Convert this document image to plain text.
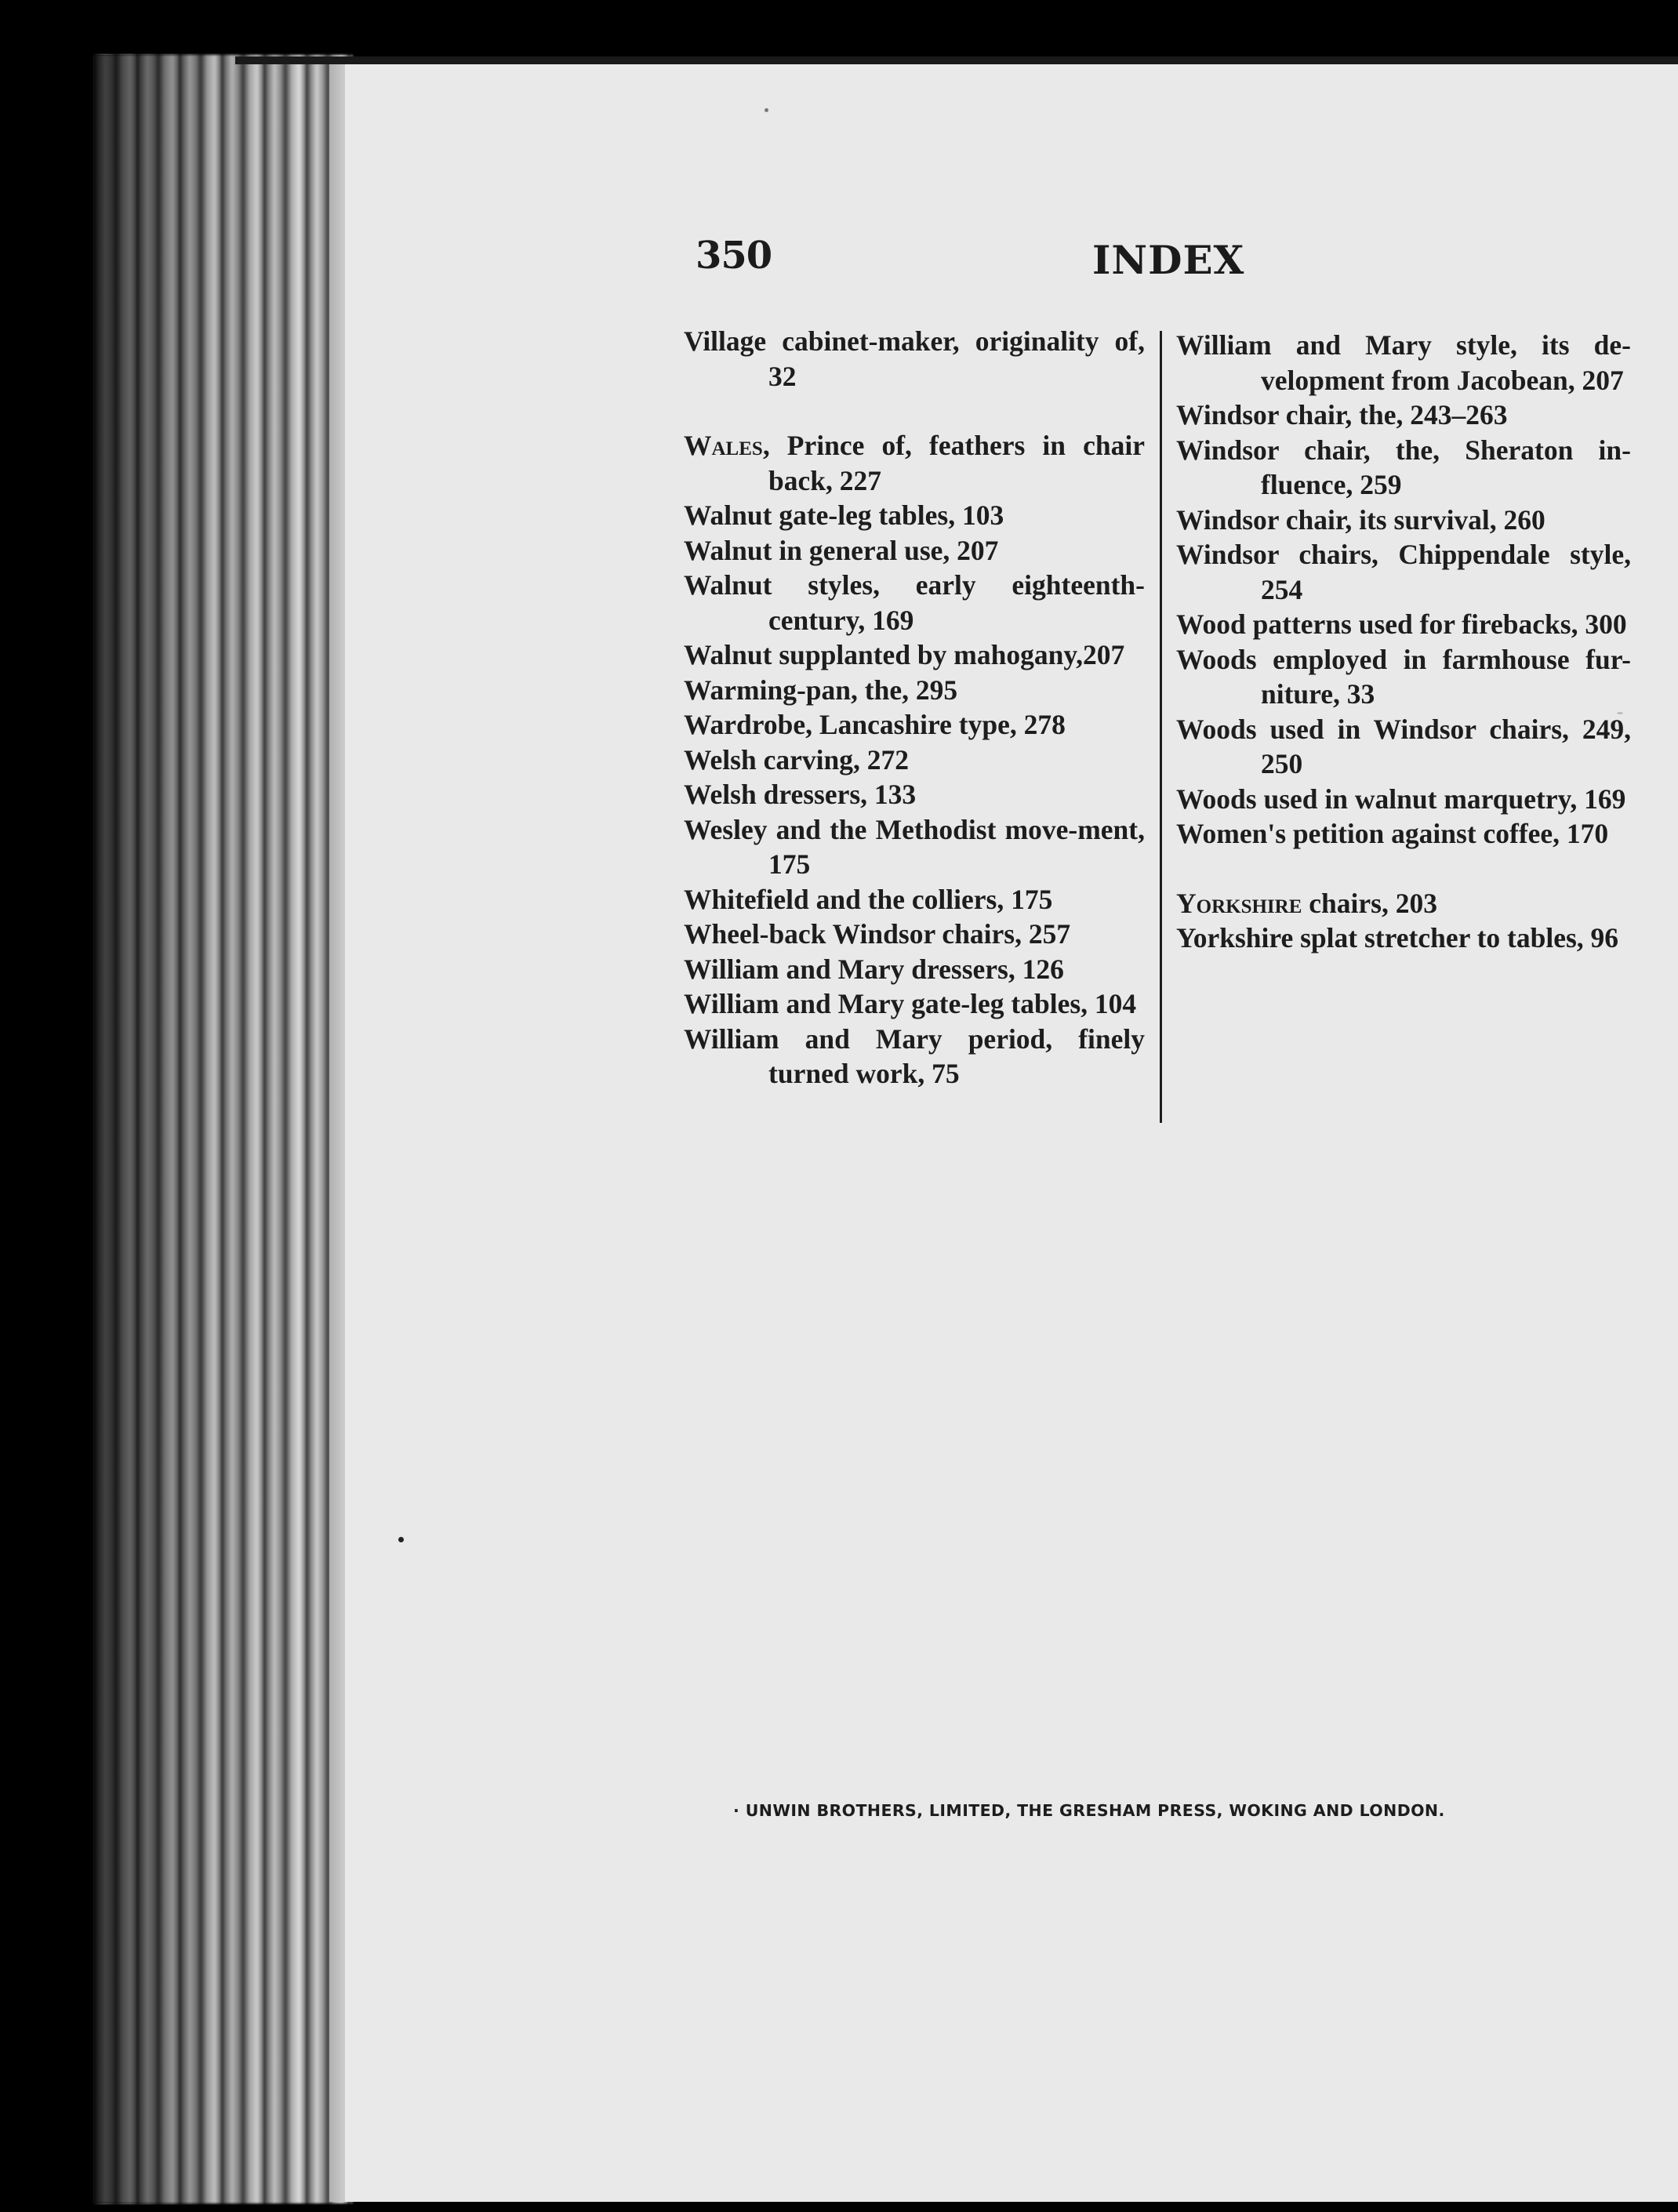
350	INDEX
Village cabinet-maker, originality of, 32
Wales, Prince of, feathers in chair back, 227
Walnut gate-leg tables, 103
Walnut in general use, 207
Walnut styles, early eighteenth-century, 169
Walnut supplanted by mahogany,207
Warming-pan, the, 295
Wardrobe, Lancashire type, 278
Welsh carving, 272
Welsh dressers, 133
Wesley and the Methodist move-ment, 175
Whitefield and the colliers, 175
Wheel-back Windsor chairs, 257
William and Mary dressers, 126
William and Mary gate-leg tables, 104
William and Mary period, finely turned work, 75
William and Mary style, its de-velopment from Jacobean, 207
Windsor chair, the, 243–263
Windsor chair, the, Sheraton in-fluence, 259
Windsor chair, its survival, 260
Windsor chairs, Chippendale style, 254
Wood patterns used for firebacks, 300
Woods employed in farmhouse fur-niture, 33
Woods used in Windsor chairs, 249, 250
Woods used in walnut marquetry, 169
Women's petition against coffee, 170
Yorkshire chairs, 203
Yorkshire splat stretcher to tables, 96
· UNWIN BROTHERS, LIMITED, THE GRESHAM PRESS, WOKING AND LONDON.
